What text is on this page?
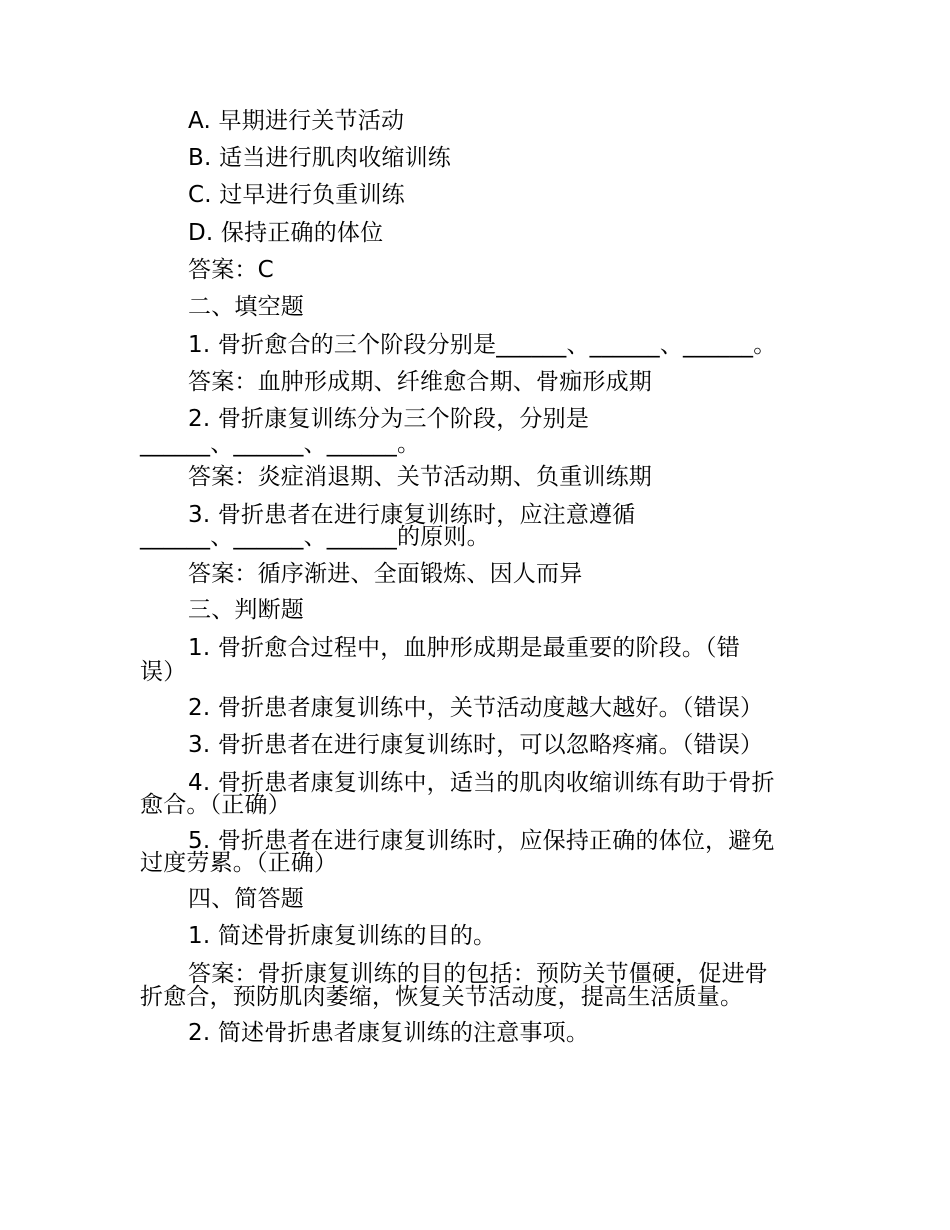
A. 早期进行关节活动
B. 适当进行肌肉收缩训练
C. 过早进行负重训练
D. 保持正确的体位
答案：C
二、填空题
1. 骨折愈合的三个阶段分别是______、______、______。
答案：血肿形成期、纤维愈合期、骨痂形成期
2. 骨折康复训练分为三个阶段，分别是
______、______、______。
答案：炎症消退期、关节活动期、负重训练期
3. 骨折患者在进行康复训练时，应注意遵循
______、______、______的原则。
答案：循序渐进、全面锻炼、因人而异
三、判断题
1. 骨折愈合过程中，血肿形成期是最重要的阶段。（错
误）
2. 骨折患者康复训练中，关节活动度越大越好。（错误）
3. 骨折患者在进行康复训练时，可以忽略疼痛。（错误）
4. 骨折患者康复训练中，适当的肌肉收缩训练有助于骨折
愈合。（正确）
5. 骨折患者在进行康复训练时，应保持正确的体位，避免
过度劳累。（正确）
四、简答题
1. 简述骨折康复训练的目的。
答案：骨折康复训练的目的包括：预防关节僵硬，促进骨
折愈合，预防肌肉萎缩，恢复关节活动度，提高生活质量。
2. 简述骨折患者康复训练的注意事项。
